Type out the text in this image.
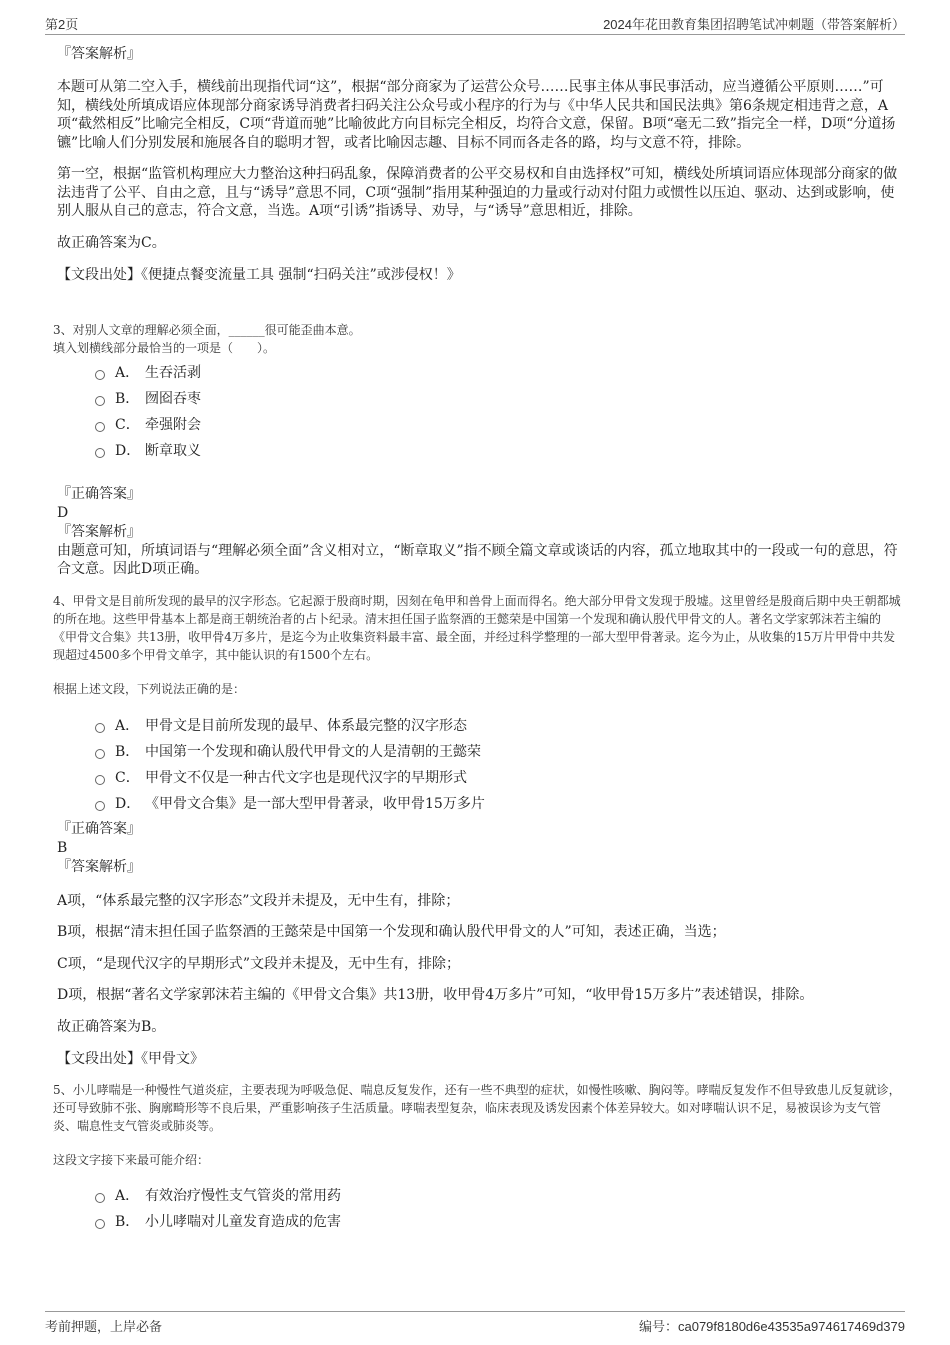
第2页	2024年花田教育集团招聘笔试冲刺题（带答案解析）
『答案解析』

本题可从第二空入手，横线前出现指代词“这”，根据“部分商家为了运营公众号……民事主体从事民事活动，应当遵循公平原则……”可知，横线处所填成语应体现部分商家诱导消费者扫码关注公众号或小程序的行为与《中华人民共和国民法典》第6条规定相违背之意，A项“截然相反”比喻完全相反，C项“背道而驰”比喻彼此方向目标完全相反，均符合文意，保留。B项“毫无二致”指完全一样，D项“分道扬镳”比喻人们分别发展和施展各自的聪明才智，或者比喻因志趣、目标不同而各走各的路，均与文意不符，排除。

第一空，根据“监管机构理应大力整治这种扫码乱象，保障消费者的公平交易权和自由选择权”可知，横线处所填词语应体现部分商家的做法违背了公平、自由之意，且与“诱导”意思不同，C项“强制”指用某种强迫的力量或行动对付阻力或惯性以压迫、驱动、达到或影响，使别人服从自己的意志，符合文意，当选。A项“引诱”指诱导、劝导，与“诱导”意思相近，排除。

故正确答案为C。

【文段出处】《便捷点餐变流量工具 强制“扫码关注”或涉侵权！》

3、对别人文章的理解必须全面，______很可能歪曲本意。

填入划横线部分最恰当的一项是（　　）。

A． 生吞活剥
B． 囫囵吞枣
C． 牵强附会
D． 断章取义
『正确答案』
D
『答案解析』

由题意可知，所填词语与“理解必须全面”含义相对立，“断章取义”指不顾全篇文章或谈话的内容，孤立地取其中的一段或一句的意思，符合文意。因此D项正确。

4、甲骨文是目前所发现的最早的汉字形态。它起源于殷商时期，因刻在龟甲和兽骨上面而得名。绝大部分甲骨文发现于殷墟。这里曾经是殷商后期中央王朝都城的所在地。这些甲骨基本上都是商王朝统治者的占卜纪录。清末担任国子监祭酒的王懿荣是中国第一个发现和确认殷代甲骨文的人。著名文学家郭沫若主编的《甲骨文合集》共13册，收甲骨4万多片，是迄今为止收集资料最丰富、最全面，并经过科学整理的一部大型甲骨著录。迄今为止，从收集的15万片甲骨中共发现超过4500多个甲骨文单字，其中能认识的有1500个左右。

根据上述文段，下列说法正确的是：

A． 甲骨文是目前所发现的最早、体系最完整的汉字形态
B． 中国第一个发现和确认殷代甲骨文的人是清朝的王懿荣
C． 甲骨文不仅是一种古代文字也是现代汉字的早期形式
D． 《甲骨文合集》是一部大型甲骨著录，收甲骨15万多片
『正确答案』
B
『答案解析』

A项，“体系最完整的汉字形态”文段并未提及，无中生有，排除；

B项，根据“清末担任国子监祭酒的王懿荣是中国第一个发现和确认殷代甲骨文的人”可知，表述正确，当选；

C项，“是现代汉字的早期形式”文段并未提及，无中生有，排除；

D项，根据“著名文学家郭沫若主编的《甲骨文合集》共13册，收甲骨4万多片”可知，“收甲骨15万多片”表述错误，排除。

故正确答案为B。

【文段出处】《甲骨文》

5、小儿哮喘是一种慢性气道炎症，主要表现为呼吸急促、喘息反复发作，还有一些不典型的症状，如慢性咳嗽、胸闷等。哮喘反复发作不但导致患儿反复就诊，还可导致肺不张、胸廓畸形等不良后果，严重影响孩子生活质量。哮喘表型复杂，临床表现及诱发因素个体差异较大。如对哮喘认识不足，易被误诊为支气管炎、喘息性支气管炎或肺炎等。

这段文字接下来最可能介绍：

A． 有效治疗慢性支气管炎的常用药
B． 小儿哮喘对儿童发育造成的危害
考前押题，上岸必备	编号：ca079f8180d6e43535a974617469d379
